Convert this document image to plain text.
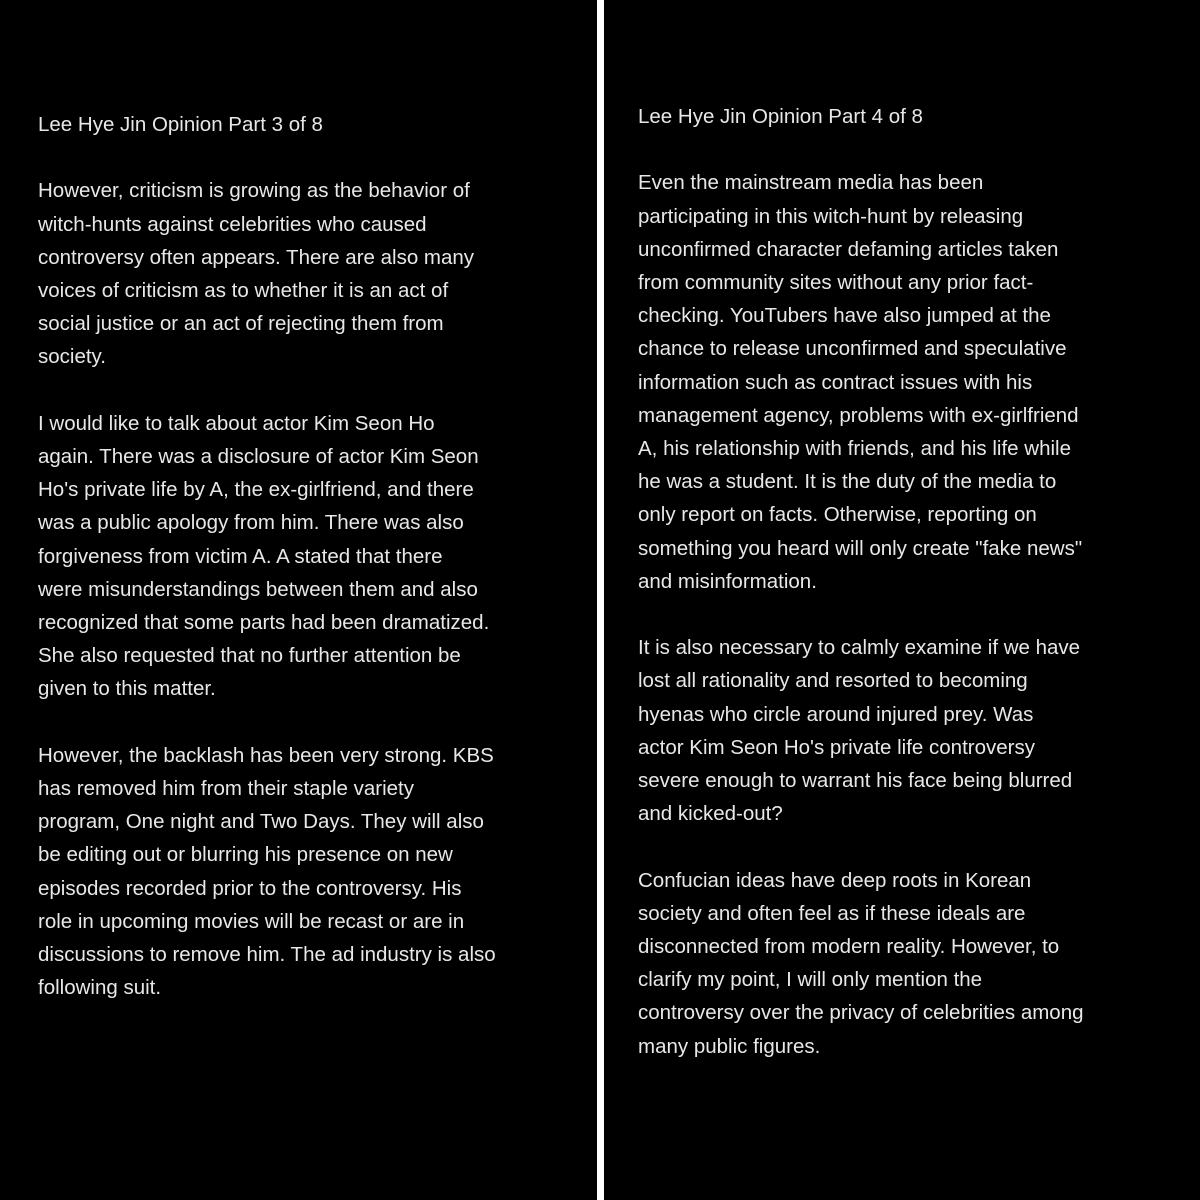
Lee Hye Jin Opinion Part 3 of 8
However, criticism is growing as the behavior of
witch-hunts against celebrities who caused
controversy often appears. There are also many
voices of criticism as to whether it is an act of
social justice or an act of rejecting them from
society.
I would like to talk about actor Kim Seon Ho
again. There was a disclosure of actor Kim Seon
Ho's private life by A, the ex-girlfriend, and there
was a public apology from him. There was also
forgiveness from victim A. A stated that there
were misunderstandings between them and also
recognized that some parts had been dramatized.
She also requested that no further attention be
given to this matter.
However, the backlash has been very strong. KBS
has removed him from their staple variety
program, One night and Two Days. They will also
be editing out or blurring his presence on new
episodes recorded prior to the controversy. His
role in upcoming movies will be recast or are in
discussions to remove him. The ad industry is also
following suit.
Lee Hye Jin Opinion Part 4 of 8
Even the mainstream media has been
participating in this witch-hunt by releasing
unconfirmed character defaming articles taken
from community sites without any prior fact-
checking. YouTubers have also jumped at the
chance to release unconfirmed and speculative
information such as contract issues with his
management agency, problems with ex-girlfriend
A, his relationship with friends, and his life while
he was a student. It is the duty of the media to
only report on facts. Otherwise, reporting on
something you heard will only create "fake news"
and misinformation.
It is also necessary to calmly examine if we have
lost all rationality and resorted to becoming
hyenas who circle around injured prey. Was
actor Kim Seon Ho's private life controversy
severe enough to warrant his face being blurred
and kicked-out?
Confucian ideas have deep roots in Korean
society and often feel as if these ideals are
disconnected from modern reality. However, to
clarify my point, I will only mention the
controversy over the privacy of celebrities among
many public figures.
